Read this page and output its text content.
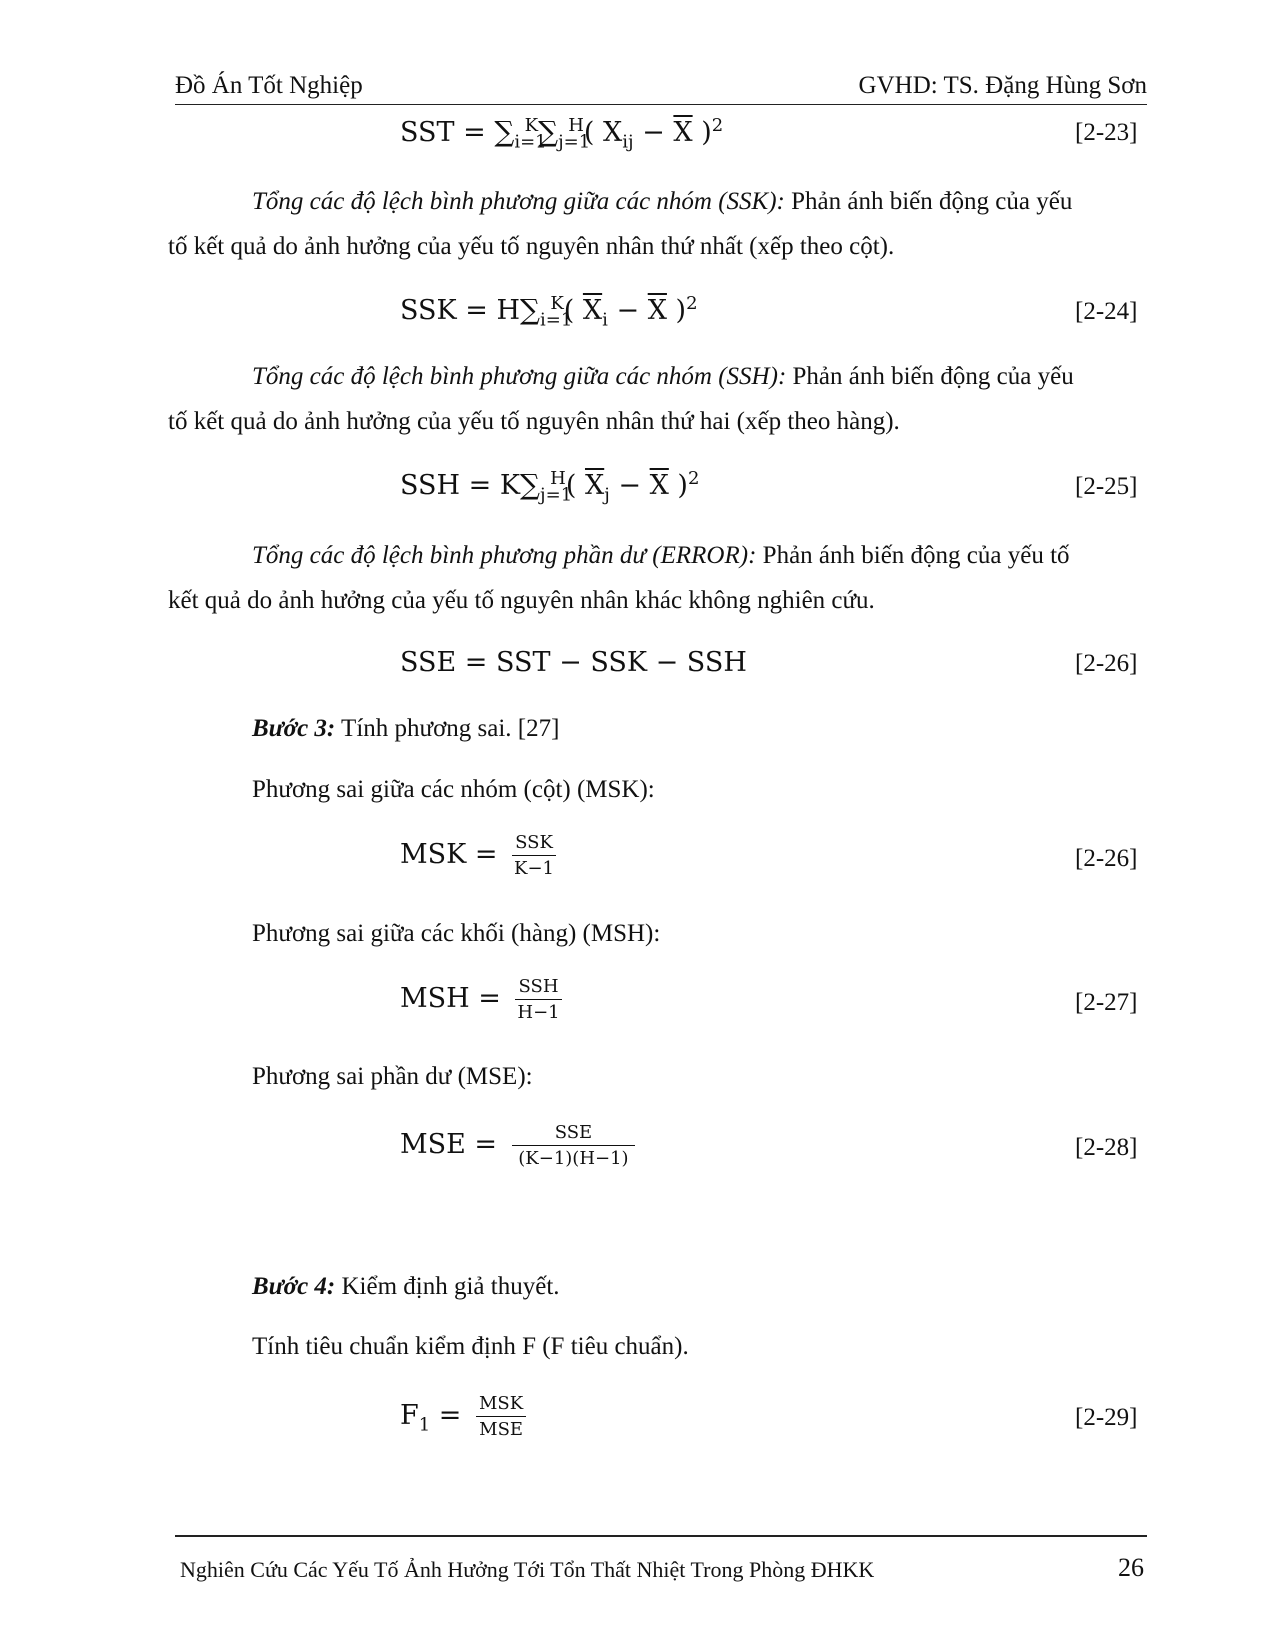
Đồ Án Tốt Nghiệp	GVHD: TS. Đặng Hùng Sơn
SST = $\sum_{i=1}^K\sum_{j=1}^H$( $X_{ij} - \overline{X}$ )$^2$	[2-23]
Tổng các độ lệch bình phương giữa các nhóm (SSK): Phản ánh biến động của yếu
tố kết quả do ảnh hưởng của yếu tố nguyên nhân thứ nhất (xếp theo cột).
SSK = $H\sum_{i=1}^K$( $\overline{X}_i - \overline{X}$ )$^2$	[2-24]
Tổng các độ lệch bình phương giữa các nhóm (SSH): Phản ánh biến động của yếu
tố kết quả do ảnh hưởng của yếu tố nguyên nhân thứ hai (xếp theo hàng).
SSH = $K\sum_{j=1}^H$( $\overline{X}_j - \overline{X}$ )$^2$	[2-25]
Tổng các độ lệch bình phương phần dư (ERROR): Phản ánh biến động của yếu tố
kết quả do ảnh hưởng của yếu tố nguyên nhân khác không nghiên cứu.
SSE = SST − SSK − SSH	[2-26]
Bước 3: Tính phương sai. [27]
Phương sai giữa các nhóm (cột) (MSK):
MSK = $\frac{\text{SSK}}{K-1}$	[2-26]
Phương sai giữa các khối (hàng) (MSH):
MSH = $\frac{\text{SSH}}{H-1}$	[2-27]
Phương sai phần dư (MSE):
MSE = $\frac{\text{SSE}}{(K-1)(H-1)}$	[2-28]
Bước 4: Kiểm định giả thuyết.
Tính tiêu chuẩn kiểm định F (F tiêu chuẩn).
$F_1 = \frac{\text{MSK}}{\text{MSE}}$	[2-29]
Nghiên Cứu Các Yếu Tố Ảnh Hưởng Tới Tổn Thất Nhiệt Trong Phòng ĐHKK	26
